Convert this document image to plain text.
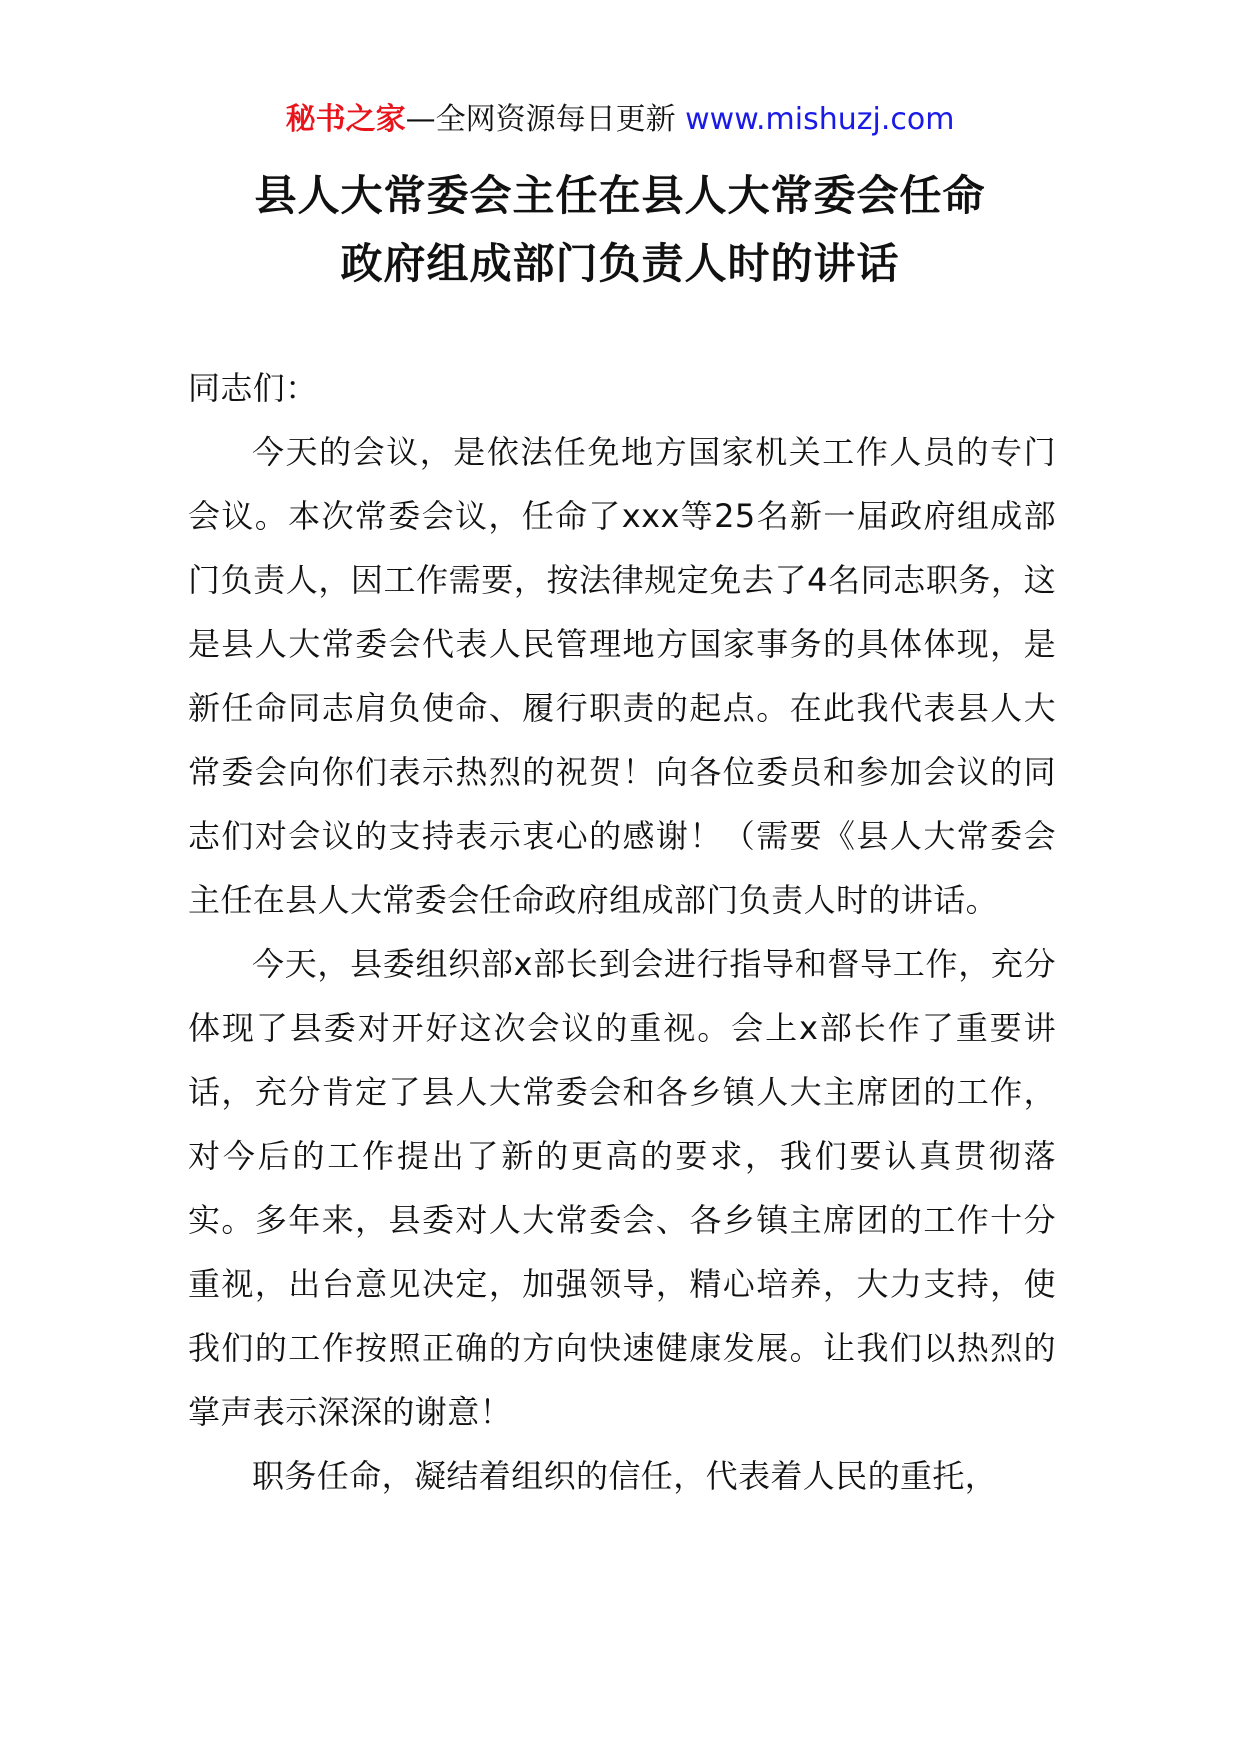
秘书之家—全网资源每日更新 www.mishuzj.com
县人大常委会主任在县人大常委会任命
政府组成部门负责人时的讲话

同志们：

今天的会议，是依法任免地方国家机关工作人员的专门会议。本次常委会议，任命了xxx等25名新一届政府组成部门负责人，因工作需要，按法律规定免去了4名同志职务，这是县人大常委会代表人民管理地方国家事务的具体体现，是新任命同志肩负使命、履行职责的起点。在此我代表县人大常委会向你们表示热烈的祝贺！向各位委员和参加会议的同志们对会议的支持表示衷心的感谢！（需要《县人大常委会主任在县人大常委会任命政府组成部门负责人时的讲话。

今天，县委组织部x部长到会进行指导和督导工作，充分体现了县委对开好这次会议的重视。会上x部长作了重要讲话，充分肯定了县人大常委会和各乡镇人大主席团的工作，对今后的工作提出了新的更高的要求，我们要认真贯彻落实。多年来，县委对人大常委会、各乡镇主席团的工作十分重视，出台意见决定，加强领导，精心培养，大力支持，使我们的工作按照正确的方向快速健康发展。让我们以热烈的掌声表示深深的谢意！

职务任命，凝结着组织的信任，代表着人民的重托，
